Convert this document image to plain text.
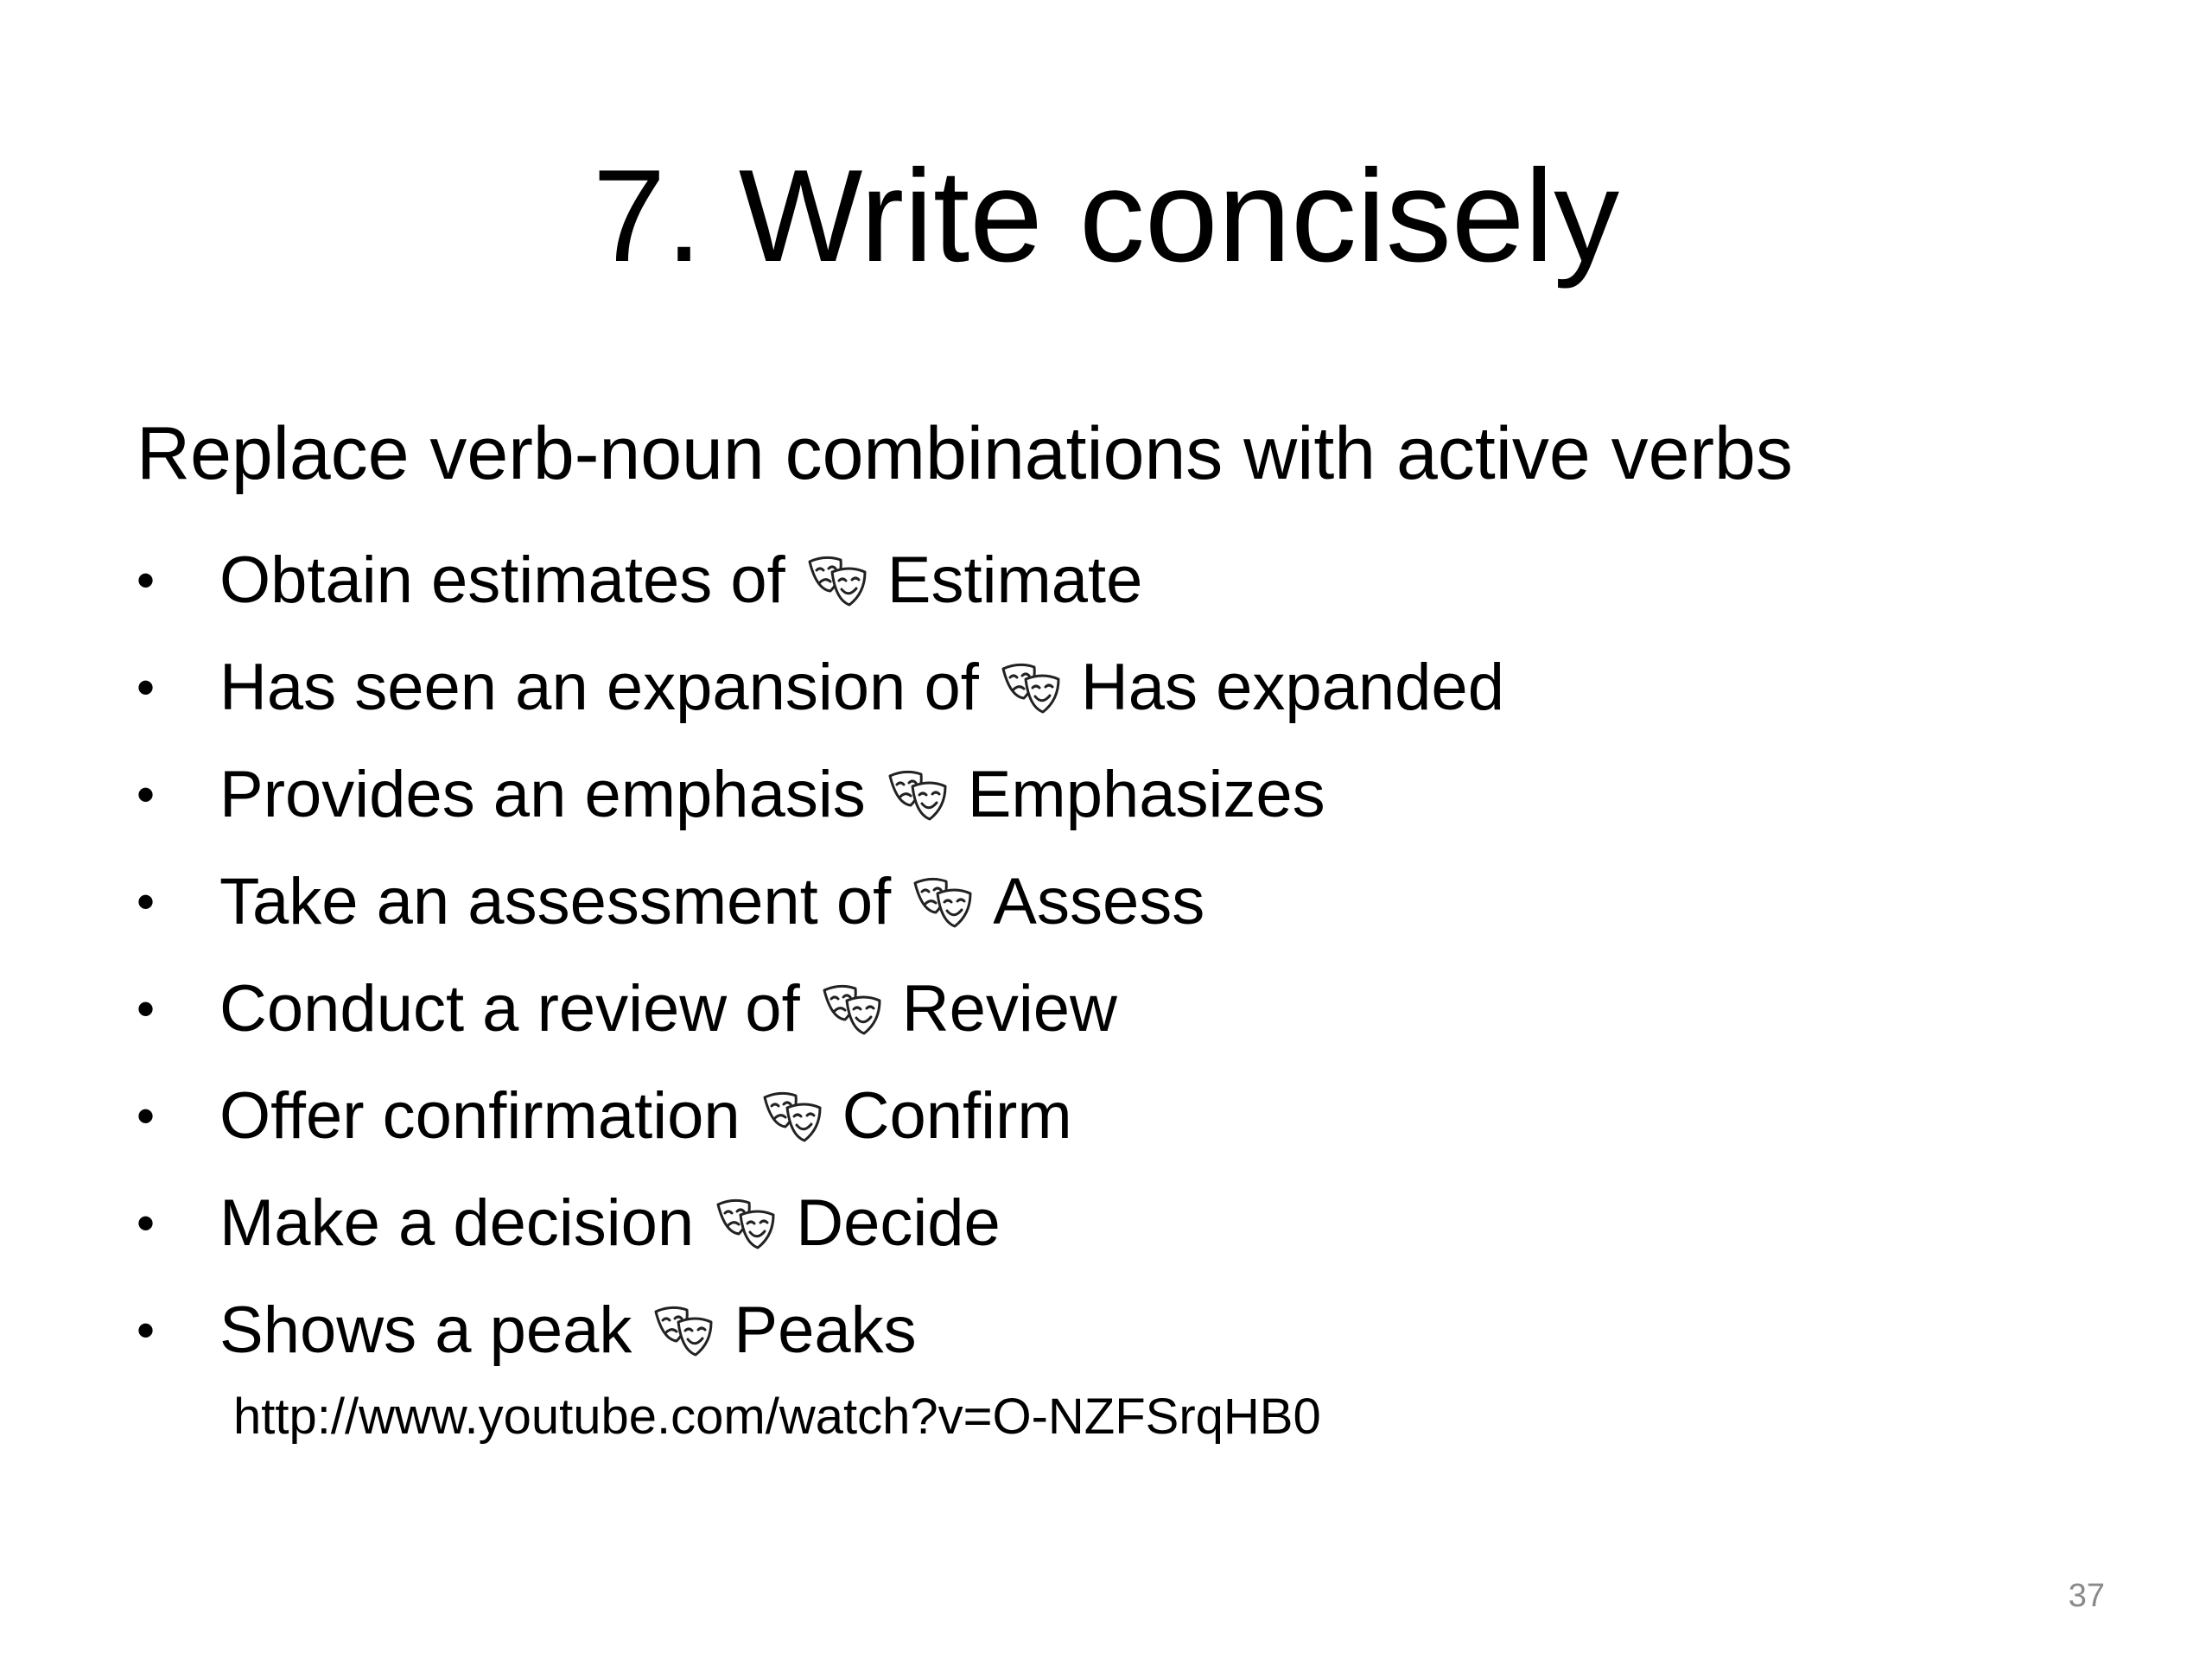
7. Write concisely
Replace verb-noun combinations with active verbs
• Obtain estimates of Estimate
• Has seen an expansion of Has expanded
• Provides an emphasis Emphasizes
• Take an assessment of Assess
• Conduct a review of Review
• Offer confirmation Confirm
• Make a decision Decide
• Shows a peak Peaks
http://www.youtube.com/watch?v=O-NZFSrqHB0
37
